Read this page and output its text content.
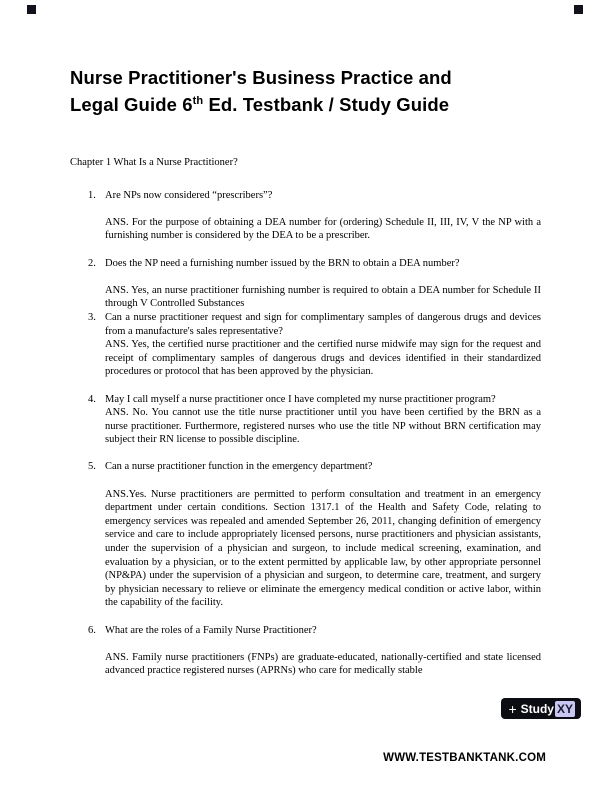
Nurse Practitioner's Business Practice and
Legal Guide 6th Ed. Testbank / Study Guide
Chapter 1 What Is a Nurse Practitioner?
1. Are NPs now considered “prescribers”?
ANS. For the purpose of obtaining a DEA number for (ordering) Schedule II, III, IV, V the NP with a furnishing number is considered by the DEA to be a prescriber.
2. Does the NP need a furnishing number issued by the BRN to obtain a DEA number?
ANS. Yes, an nurse practitioner furnishing number is required to obtain a DEA number for Schedule II through V Controlled Substances
3. Can a nurse practitioner request and sign for complimentary samples of dangerous drugs and devices from a manufacture's sales representative?
ANS. Yes, the certified nurse practitioner and the certified nurse midwife may sign for the request and receipt of complimentary samples of dangerous drugs and devices identified in their standardized procedures or protocol that has been approved by the physician.
4. May I call myself a nurse practitioner once I have completed my nurse practitioner program?
ANS. No. You cannot use the title nurse practitioner until you have been certified by the BRN as a nurse practitioner. Furthermore, registered nurses who use the title NP without BRN certification may subject their RN license to possible discipline.
5. Can a nurse practitioner function in the emergency department?
ANS.Yes. Nurse practitioners are permitted to perform consultation and treatment in an emergency department under certain conditions. Section 1317.1 of the Health and Safety Code, relating to emergency services was repealed and amended September 26, 2011, changing definition of emergency service and care to include appropriately licensed persons, nurse practitioners and physician assistants, under the supervision of a physician and surgeon, to include medical screening, examination, and evaluation by a physician, or to the extent permitted by applicable law, by other appropriate personnel (NP&PA) under the supervision of a physician and surgeon, to determine care, treatment, and surgery by physician necessary to relieve or eliminate the emergency medical condition or active labor, within the capability of the facility.
6. What are the roles of a Family Nurse Practitioner?
ANS. Family nurse practitioners (FNPs) are graduate-educated, nationally-certified and state licensed advanced practice registered nurses (APRNs) who care for medically stable
+ Study XY
WWW.TESTBANKTANK.COM
